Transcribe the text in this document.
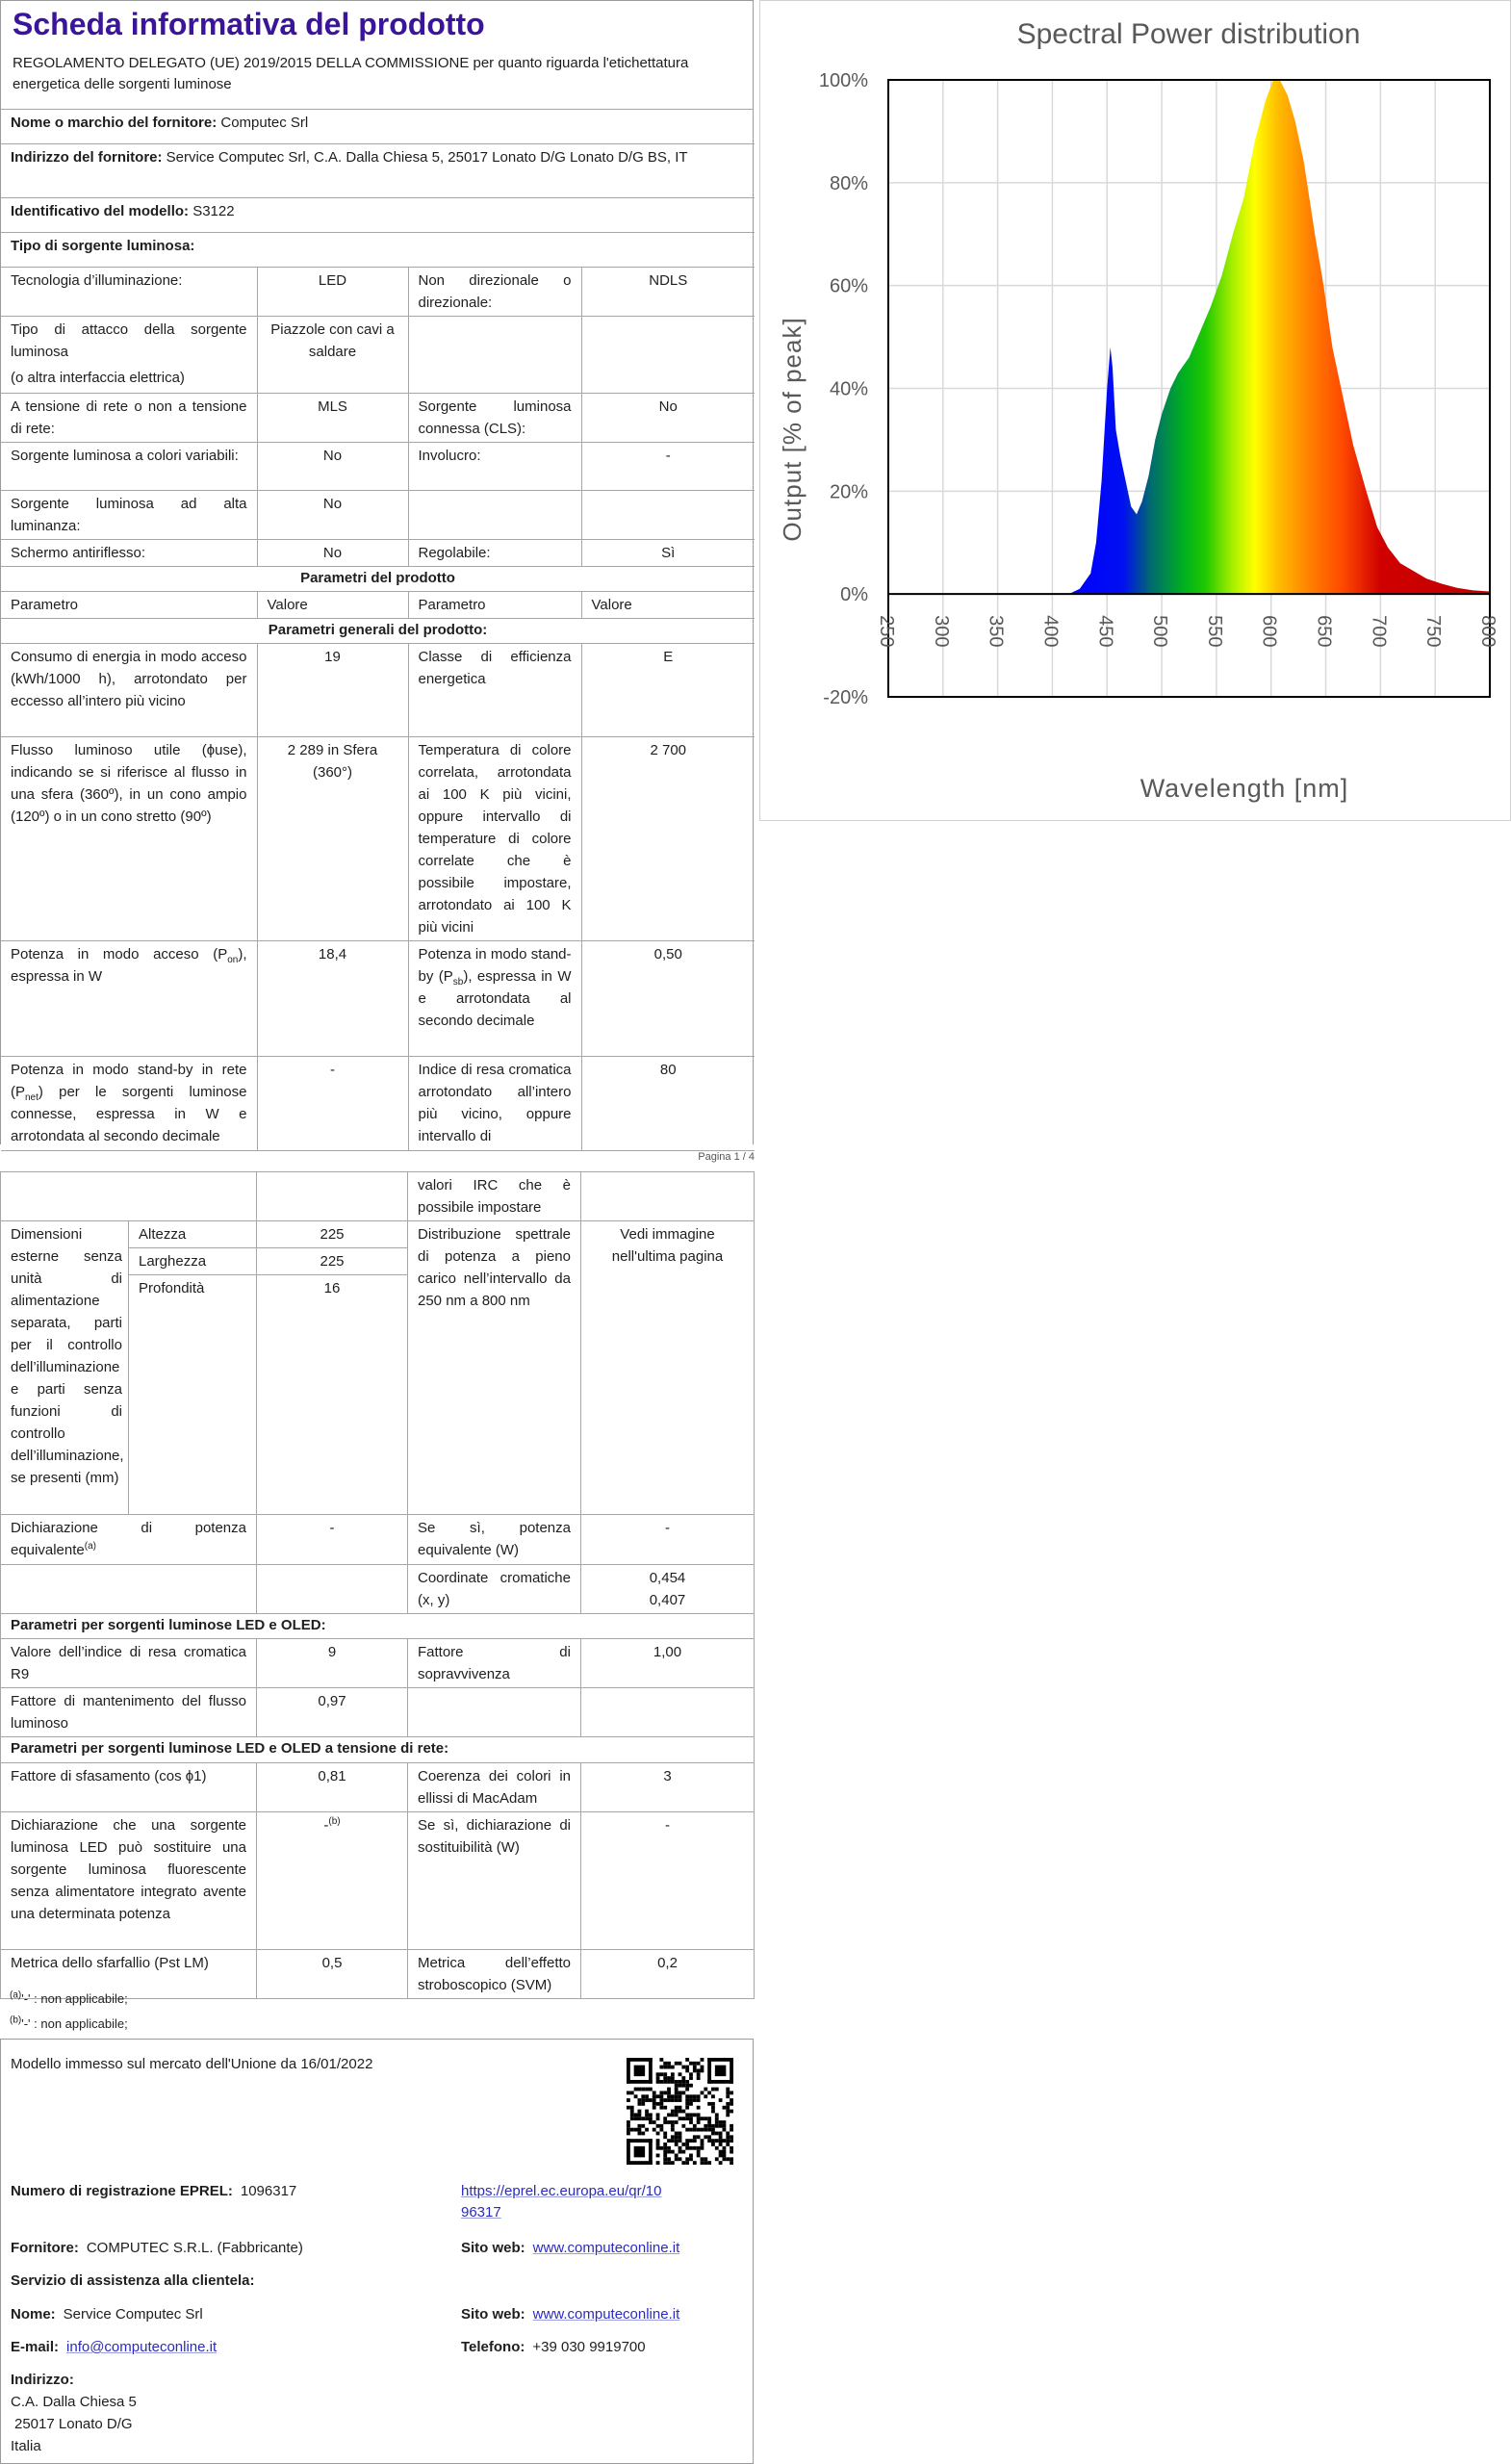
Scheda informativa del prodotto
REGOLAMENTO DELEGATO (UE) 2019/2015 DELLA COMMISSIONE per quanto riguarda l'etichettatura energetica delle sorgenti luminose
Nome o marchio del fornitore: Computec Srl			
Indirizzo del fornitore: Service Computec Srl, C.A. Dalla Chiesa 5, 25017 Lonato D/G Lonato D/G BS, IT			
Identificativo del modello: S3122			
Tipo di sorgente luminosa:			
Tecnologia d’illuminazione:	LED	Non direzionale o direzionale:	NDLS

Tipo di attacco della sorgente luminosa
(o altra interfaccia elettrica)	Piazzole con cavi a saldare		
A tensione di rete o non a tensione di rete:	MLS	Sorgente luminosa connessa (CLS):	No
Sorgente luminosa a colori variabili:	No	Involucro:	-
Sorgente luminosa ad alta luminanza:	No		
Schermo antiriflesso:	No	Regolabile:	Sì
Parametri del prodotto			
Parametro	Valore	Parametro	Valore
Parametri generali del prodotto:			
Consumo di energia in modo acceso (kWh/1000 h), arrotondato per eccesso all’intero più vicino	19	Classe di efficienza energetica	E
Flusso luminoso utile (ϕuse), indicando se si riferisce al flusso in una sfera (360º), in un cono ampio (120º) o in un cono stretto (90º)	2 289 in Sfera (360°)	Temperatura di colore correlata, arrotondata ai 100 K più vicini, oppure intervallo di temperature di colore correlate che è possibile impostare, arrotondato ai 100 K più vicini	2 700
Potenza in modo acceso $(P_{on})$, espressa in W	18,4	Potenza in modo stand-by $(P_{sb})$, espressa in W e arrotondata al secondo decimale	0,50
Potenza in modo stand-by in rete $(P_{net})$ per le sorgenti luminose connesse, espressa in W e arrotondata al secondo decimale	-	Indice di resa cromatica arrotondato all’intero più vicino, oppure intervallo di	80
Pagina 1 / 4
			valori IRC che è possibile impostare	
Dimensioni esterne senza unità di alimentazione separata, parti per il controllo dell’illuminazione e parti senza funzioni di controllo dell’illuminazione, se presenti (mm)	Altezza	225	Distribuzione spettrale di potenza a pieno carico nell’intervallo da 250 nm a 800 nm	Vedi immagine nell'ultima pagina
	Larghezza	225		
	Profondità	16		
Dichiarazione di potenza equivalente$^{(a)}$		-	Se sì, potenza equivalente (W)	-
			Coordinate cromatiche (x, y)	0,454
0,407

Parametri per sorgenti luminose LED e OLED:				
Valore dell’indice di resa cromatica R9		9	Fattore di sopravvivenza	1,00
Fattore di mantenimento del flusso luminoso		0,97		
Parametri per sorgenti luminose LED e OLED a tensione di rete:				
Fattore di sfasamento (cos ϕ1)		0,81	Coerenza dei colori in ellissi di MacAdam	3
Dichiarazione che una sorgente luminosa LED può sostituire una sorgente luminosa fluorescente senza alimentatore integrato avente una determinata potenza		-$^{(b)}$	Se sì, dichiarazione di sostituibilità (W)	-
Metrica dello sfarfallio (Pst LM)		0,5	Metrica dell’effetto stroboscopico (SVM)	0,2
$^{(a)}$'-' : non applicabile;
$^{(b)}$'-' : non applicabile;
Modello immesso sul mercato dell'Unione da 16/01/2022
Numero di registrazione EPREL: 1096317	https://eprel.ec.europa.eu/qr/10
96317
Fornitore: COMPUTEC S.R.L. (Fabbricante)	Sito web: www.computeconline.it
Servizio di assistenza alla clientela:
Nome: Service Computec Srl	Sito web: www.computeconline.it
E-mail: info@computeconline.it	Telefono: +39 030 9919700
Indirizzo:
C.A. Dalla Chiesa 5
25017 Lonato D/G
Italia
250 300 350 400 450 500 550 600 650 700 750 800
-20%
0%
20%
40%
60%
80%
100%
Spectral Power distribution
Wavelength [nm]
Output [% of peak]
